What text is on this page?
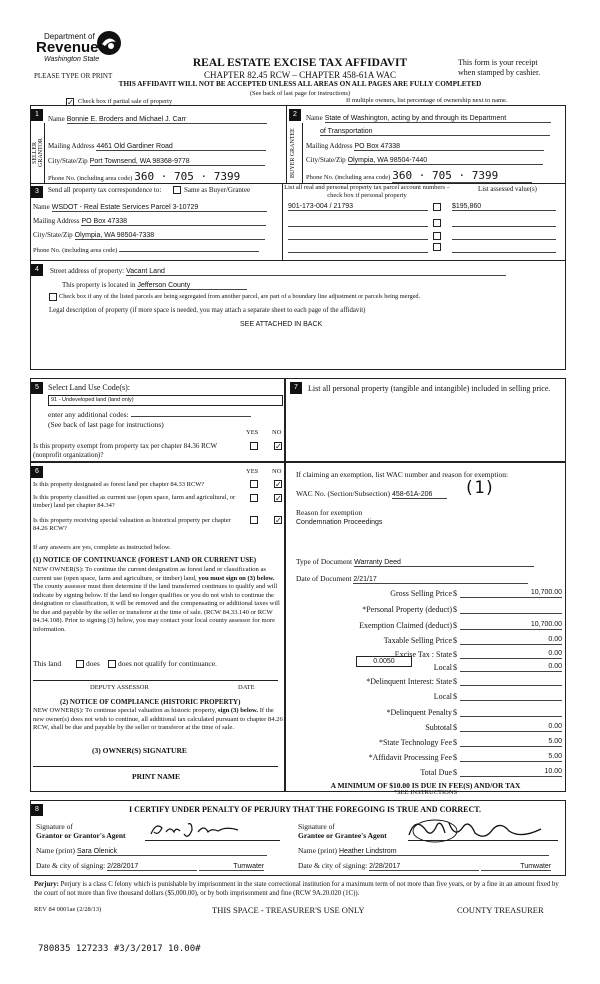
Department of
Revenue
Washington State
PLEASE TYPE OR PRINT
REAL ESTATE EXCISE TAX AFFIDAVIT
CHAPTER 82.45 RCW – CHAPTER 458-61A WAC
THIS AFFIDAVIT WILL NOT BE ACCEPTED UNLESS ALL AREAS ON ALL PAGES ARE FULLY COMPLETED
(See back of last page for instructions)
This form is your receipt
when stamped by cashier.
✓ Check box if partial sale of property	If multiple owners, list percentage of ownership next to name.
1
SELLER GRANTOR
Name Bonnie E. Broders and Michael J. Carr
Mailing Address 4461 Old Gardiner Road
City/State/Zip Port Townsend, WA 98368-9778
Phone No. (including area code) 360 · 705 · 7399
2
BUYER GRANTEE
Name State of Washington, acting by and through its Department
of Transportation
Mailing Address PO Box 47338
City/State/Zip Olympia, WA 98504-7440
Phone No. (including area code) 360 · 705 · 7399
3	Send all property tax correspondence to:	Same as Buyer/Grantee
Name WSDOT - Real Estate Services Parcel 3-10729
Mailing Address PO Box 47338
City/State/Zip Olympia, WA 98504-7338
Phone No. (including area code)
List all real and personal property tax parcel account numbers – check box if personal property
List assessed value(s)
901-173-004 / 21793	$195,860
4	Street address of property: Vacant Land
This property is located in Jefferson County
Check box if any of the listed parcels are being segregated from another parcel, are part of a boundary line adjustment or parcels being merged.
Legal description of property (if more space is needed, you may attach a separate sheet to each page of the affidavit)
SEE ATTACHED IN BACK
5	Select Land Use Code(s):
91 - Undeveloped land (land only)
enter any additional codes:
(See back of last page for instructions)
YES NO
Is this property exempt from property tax per chapter 84.36 RCW (nonprofit organization)?
✓
7	List all personal property (tangible and intangible) included in selling price.
6	YES NO
Is this property designated as forest land per chapter 84.33 RCW?	✓
Is this property classified as current use (open space, farm and agricultural, or timber) land per chapter 84.34?
✓
Is this property receiving special valuation as historical property per chapter 84.26 RCW?
✓
If any answers are yes, complete as instructed below.
(1) NOTICE OF CONTINUANCE (FOREST LAND OR CURRENT USE)
NEW OWNER(S): To continue the current designation as forest land or classification as current use (open space, farm and agriculture, or timber) land, you must sign on (3) below. The county assessor must then determine if the land transferred continues to qualify and will indicate by signing below. If the land no longer qualifies or you do not wish to continue the designation or classification, it will be removed and the compensating or additional taxes will be due and payable by the seller or transferor at the time of sale. (RCW 84.33.140 or RCW 84.34.108). Prior to signing (3) below, you may contact your local county assessor for more information.
This land	does does not qualify for continuance.
DEPUTY ASSESSOR	DATE
(2) NOTICE OF COMPLIANCE (HISTORIC PROPERTY)
NEW OWNER(S): To continue special valuation as historic property, sign (3) below. If the new owner(s) does not wish to continue, all additional tax calculated pursuant to chapter 84.26 RCW, shall be due and payable by the seller or transferor at the time of sale.
(3) OWNER(S) SIGNATURE
PRINT NAME
If claiming an exemption, list WAC number and reason for exemption:
WAC No. (Section/Subsection) 458-61A-206	(1)
Reason for exemption
Condemnation Proceedings
Type of Document Warranty Deed
Date of Document 2/21/17
Gross Selling Price $	10,700.00
*Personal Property (deduct) $
Exemption Claimed (deduct) $	10,700.00
Taxable Selling Price $	0.00
Excise Tax : State $	0.00
Local $	0.00
*Delinquent Interest: State $
Local $
*Delinquent Penalty $
Subtotal $	0.00
*State Technology Fee $	5.00
*Affidavit Processing Fee $	5.00
Total Due $	10.00
0.0050
A MINIMUM OF $10.00 IS DUE IN FEE(S) AND/OR TAX
*SEE INSTRUCTIONS
8	I CERTIFY UNDER PENALTY OF PERJURY THAT THE FOREGOING IS TRUE AND CORRECT.
Signature of
Grantor or Grantor's Agent
Signature of
Grantee or Grantee's Agent
Name (print) Sara Olenick	Name (print) Heather Lindstrom
Date & city of signing: 2/28/2017	Tumwater	Date & city of signing: 2/28/2017	Tumwater
Perjury: Perjury is a class C felony which is punishable by imprisonment in the state correctional institution for a maximum term of not more than five years, or by a fine in an amount fixed by the court of not more than five thousand dollars ($5,000.00), or by both imprisonment and fine (RCW 9A.20.020 (1C)).
REV 84 0001ae (2/28/13)	THIS SPACE - TREASURER'S USE ONLY	COUNTY TREASURER
780835 127233 #3/3/2017 10.00#
